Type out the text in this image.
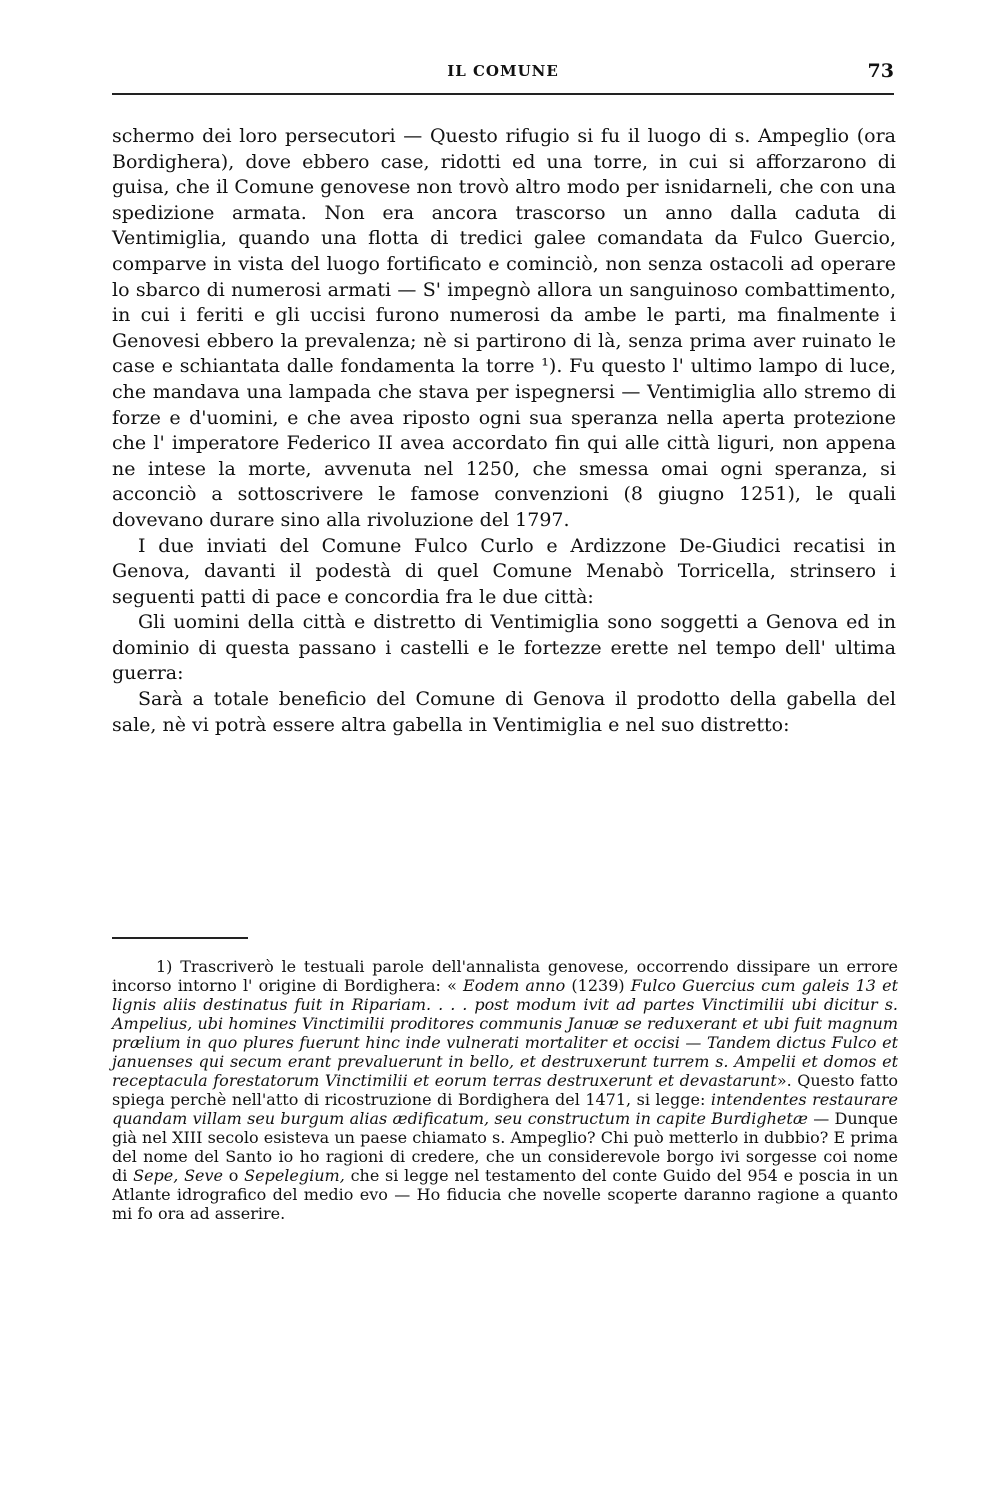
IL COMUNE	73

schermo dei loro persecutori — Questo rifugio si fu il luogo di s. Ampeglio (ora Bordighera), dove ebbero case, ridotti ed una torre, in cui si afforzarono di guisa, che il Comune genovese non trovò altro modo per isnidarneli, che con una spedizione armata. Non era ancora trascorso un anno dalla caduta di Ventimiglia, quando una flotta di tredici galee comandata da Fulco Guercio, comparve in vista del luogo fortificato e cominciò, non senza ostacoli ad operare lo sbarco di numerosi armati — S' impegnò allora un sanguinoso combattimento, in cui i feriti e gli uccisi furono numerosi da ambe le parti, ma finalmente i Genovesi ebbero la prevalenza; nè si partirono di là, senza prima aver ruinato le case e schiantata dalle fondamenta la torre ¹). Fu questo l' ultimo lampo di luce, che mandava una lampada che stava per ispegnersi — Ventimiglia allo stremo di forze e d'uomini, e che avea riposto ogni sua speranza nella aperta protezione che l' imperatore Federico II avea accordato fin qui alle città liguri, non appena ne intese la morte, avvenuta nel 1250, che smessa omai ogni speranza, si acconciò a sottoscrivere le famose convenzioni (8 giugno 1251), le quali dovevano durare sino alla rivoluzione del 1797.

I due inviati del Comune Fulco Curlo e Ardizzone De-Giudici recatisi in Genova, davanti il podestà di quel Comune Menabò Torricella, strinsero i seguenti patti di pace e concordia fra le due città:

Gli uomini della città e distretto di Ventimiglia sono soggetti a Genova ed in dominio di questa passano i castelli e le fortezze erette nel tempo dell' ultima guerra:

Sarà a totale beneficio del Comune di Genova il prodotto della gabella del sale, nè vi potrà essere altra gabella in Ventimiglia e nel suo distretto:

1) Trascriverò le testuali parole dell'annalista genovese, occorrendo dissipare un errore incorso intorno l' origine di Bordighera: « Eodem anno (1239) Fulco Guercius cum galeis 13 et lignis aliis destinatus fuit in Ripariam. . . . post modum ivit ad partes Vinctimilii ubi dicitur s. Ampelius, ubi homines Vinctimilii proditores communis Januæ se reduxerant et ubi fuit magnum prælium in quo plures fuerunt hinc inde vulnerati mortaliter et occisi — Tandem dictus Fulco et januenses qui secum erant prevaluerunt in bello, et destruxerunt turrem s. Ampelii et domos et receptacula forestatorum Vinctimilii et eorum terras destruxerunt et devastarunt». Questo fatto spiega perchè nell'atto di ricostruzione di Bordighera del 1471, si legge: intendentes restaurare quandam villam seu burgum alias ædificatum, seu constructum in capite Burdighetæ — Dunque già nel XIII secolo esisteva un paese chiamato s. Ampeglio? Chi può metterlo in dubbio? E prima del nome del Santo io ho ragioni di credere, che un considerevole borgo ivi sorgesse coi nome di Sepe, Seve o Sepelegium, che si legge nel testamento del conte Guido del 954 e poscia in un Atlante idrografico del medio evo — Ho fiducia che novelle scoperte daranno ragione a quanto mi fo ora ad asserire.
